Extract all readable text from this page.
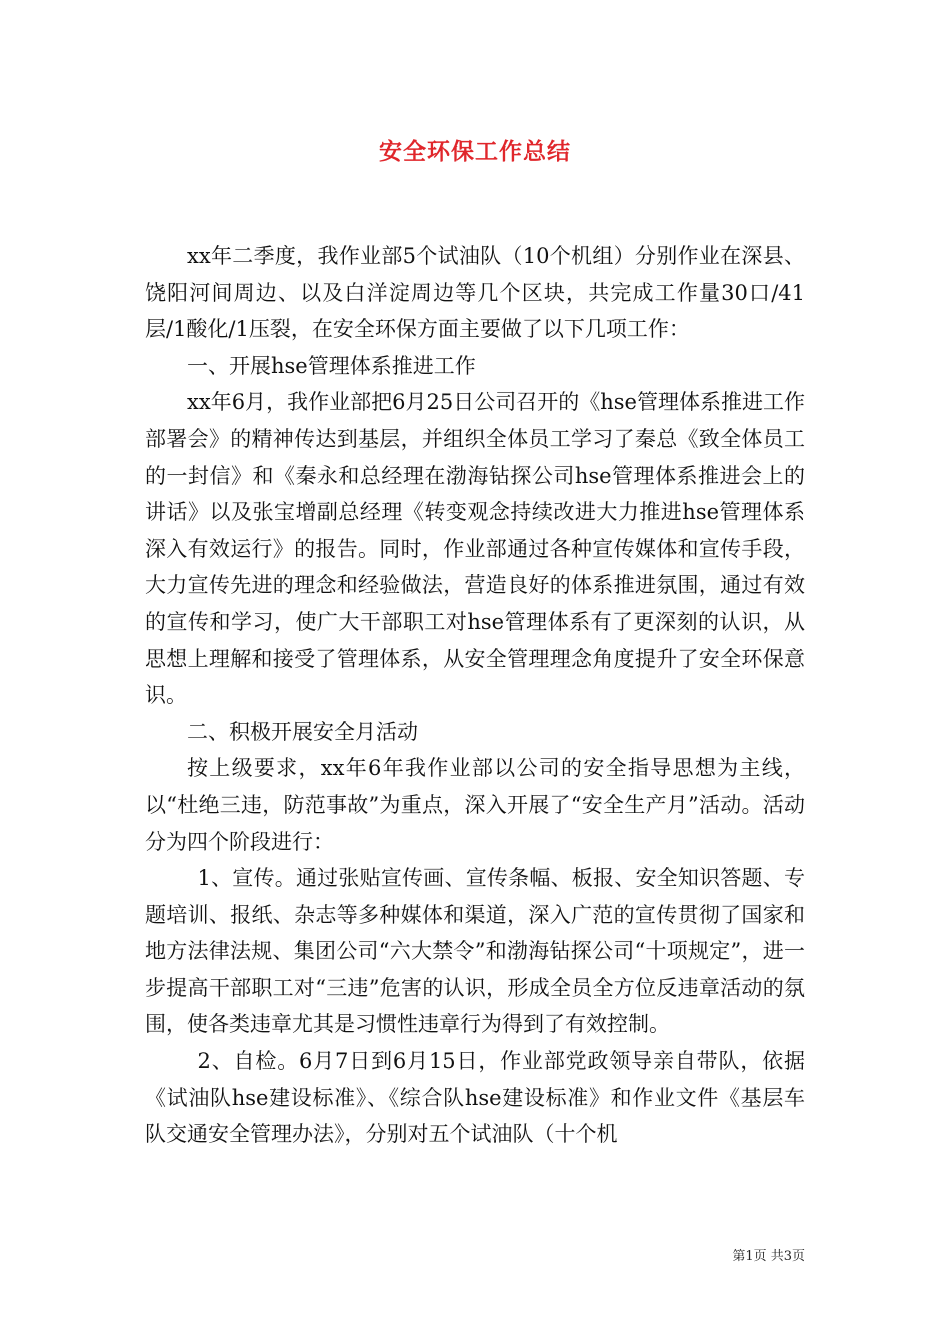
安全环保工作总结

xx年二季度，我作业部5个试油队（10个机组）分别作业在深县、饶阳河间周边、以及白洋淀周边等几个区块，共完成工作量30口/41层/1酸化/1压裂，在安全环保方面主要做了以下几项工作：

一、开展hse管理体系推进工作

xx年6月，我作业部把6月25日公司召开的《hse管理体系推进工作部署会》的精神传达到基层，并组织全体员工学习了秦总《致全体员工的一封信》和《秦永和总经理在渤海钻探公司hse管理体系推进会上的讲话》以及张宝增副总经理《转变观念持续改进大力推进hse管理体系深入有效运行》的报告。同时，作业部通过各种宣传媒体和宣传手段，大力宣传先进的理念和经验做法，营造良好的体系推进氛围，通过有效的宣传和学习，使广大干部职工对hse管理体系有了更深刻的认识，从思想上理解和接受了管理体系，从安全管理理念角度提升了安全环保意识。

二、积极开展安全月活动

按上级要求，xx年6年我作业部以公司的安全指导思想为主线，以“杜绝三违，防范事故”为重点，深入开展了“安全生产月”活动。活动分为四个阶段进行：

1、宣传。通过张贴宣传画、宣传条幅、板报、安全知识答题、专题培训、报纸、杂志等多种媒体和渠道，深入广范的宣传贯彻了国家和地方法律法规、集团公司“六大禁令”和渤海钻探公司“十项规定”，进一步提高干部职工对“三违”危害的认识，形成全员全方位反违章活动的氛围，使各类违章尤其是习惯性违章行为得到了有效控制。

2、自检。6月7日到6月15日，作业部党政领导亲自带队，依据《试油队hse建设标准》、《综合队hse建设标准》和作业文件《基层车队交通安全管理办法》，分别对五个试油队（十个机

第1页 共3页
